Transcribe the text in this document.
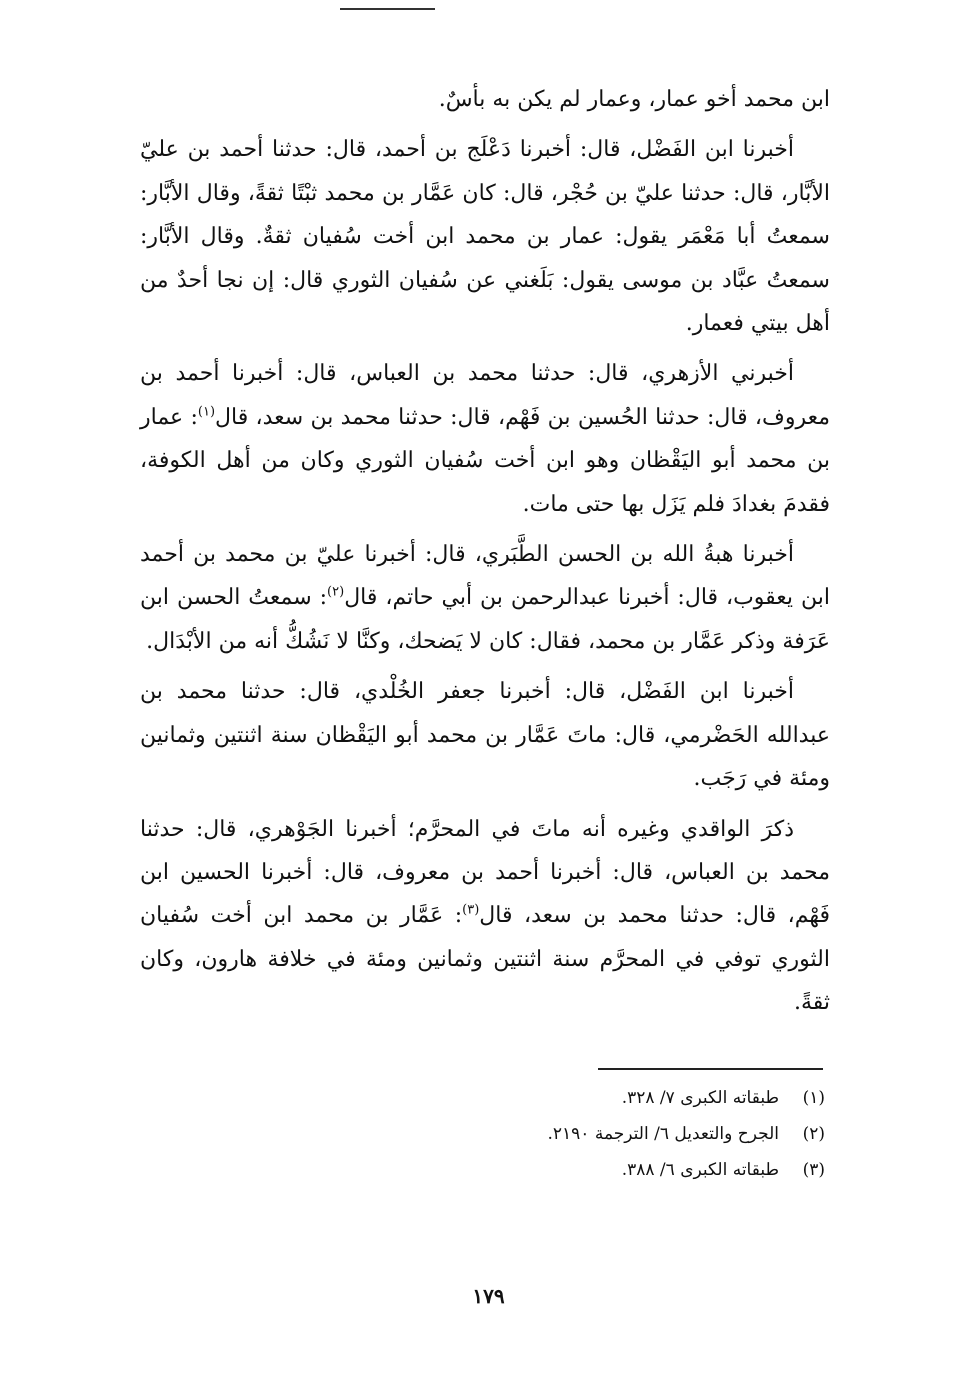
ابن محمد أخو عمار، وعمار لم يكن به بأسٌ.

أخبرنا ابن الفَضْل، قال: أخبرنا دَعْلَج بن أحمد، قال: حدثنا أحمد بن عليّ الأبَّار، قال: حدثنا عليّ بن حُجْر، قال: كان عَمَّار بن محمد ثبْتًا ثقةً، وقال الأبَّار: سمعتُ أبا مَعْمَر يقول: عمار بن محمد ابن أخت سُفيان ثقةٌ. وقال الأبَّار: سمعتُ عبَّاد بن موسى يقول: بَلَغني عن سُفيان الثوري قال: إن نجا أحدٌ من أهل بيتي فعمار.

أخبرني الأزهري، قال: حدثنا محمد بن العباس، قال: أخبرنا أحمد بن معروف، قال: حدثنا الحُسين بن فَهْم، قال: حدثنا محمد بن سعد، قال$^{(١)}$: عمار بن محمد أبو اليَقْظان وهو ابن أخت سُفيان الثوري وكان من أهل الكوفة، فقدمَ بغدادَ فلم يَزَل بها حتى مات.

أخبرنا هبةُ الله بن الحسن الطَّبَري، قال: أخبرنا عليّ بن محمد بن أحمد ابن يعقوب، قال: أخبرنا عبدالرحمن بن أبي حاتم، قال$^{(٢)}$: سمعتُ الحسن ابن عَرَفة وذكر عَمَّار بن محمد، فقال: كان لا يَضحك، وكنَّا لا نَشُكُّ أنه من الأبْدَال.

أخبرنا ابن الفَضْل، قال: أخبرنا جعفر الخُلْدي، قال: حدثنا محمد بن عبدالله الحَضْرمي، قال: ماتَ عَمَّار بن محمد أبو اليَقْظان سنة اثنتين وثمانين ومئة في رَجَب.

ذكرَ الواقدي وغيره أنه ماتَ في المحرَّم؛ أخبرنا الجَوْهري، قال: حدثنا محمد بن العباس، قال: أخبرنا أحمد بن معروف، قال: أخبرنا الحسين ابن فَهْم، قال: حدثنا محمد بن سعد، قال$^{(٣)}$: عَمَّار بن محمد ابن أخت سُفيان الثوري توفي في المحرَّم سنة اثنتين وثمانين ومئة في خلافة هارون، وكان ثقةً.

(١)طبقاته الكبرى ٧/ ٣٢٨.
(٢)الجرح والتعديل ٦/ الترجمة ٢١٩٠.
(٣)طبقاته الكبرى ٦/ ٣٨٨.
١٧٩
